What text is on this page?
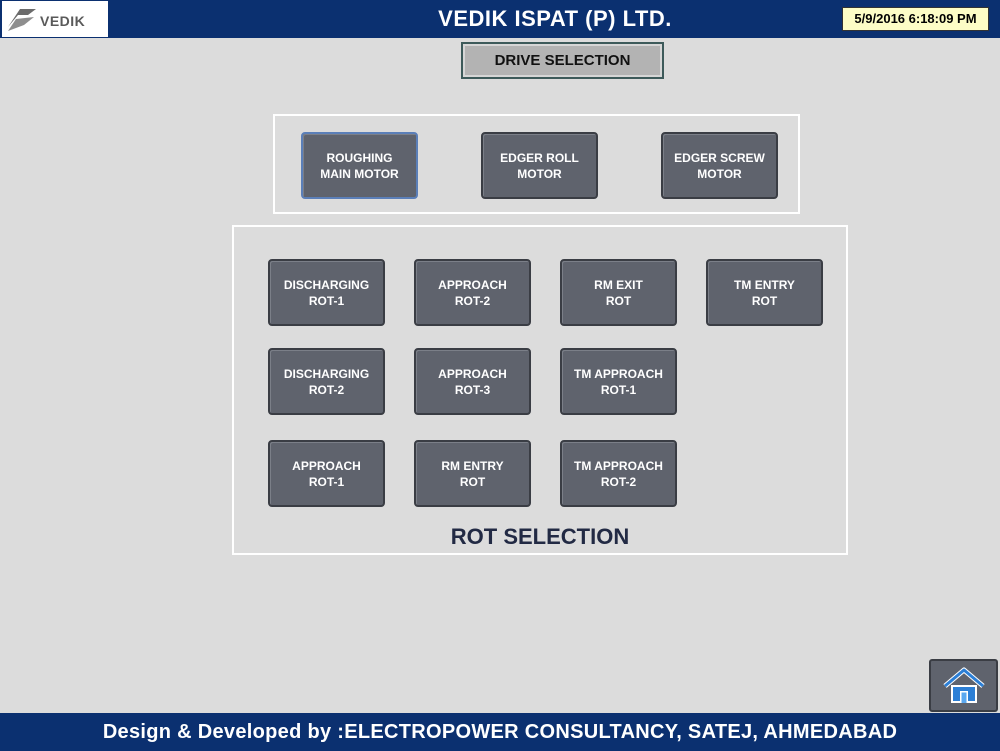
VEDIK	VEDIK ISPAT (P) LTD.	5/9/2016 6:18:09 PM
DRIVE SELECTION
ROUGHING
MAIN MOTOR
EDGER ROLL
MOTOR
EDGER SCREW
MOTOR
DISCHARGING
ROT-1
APPROACH
ROT-2
RM EXIT
ROT
TM ENTRY
ROT
DISCHARGING
ROT-2
APPROACH
ROT-3
TM APPROACH
ROT-1
APPROACH
ROT-1
RM ENTRY
ROT
TM APPROACH
ROT-2
ROT SELECTION
Design & Developed by :ELECTROPOWER CONSULTANCY, SATEJ, AHMEDABAD
